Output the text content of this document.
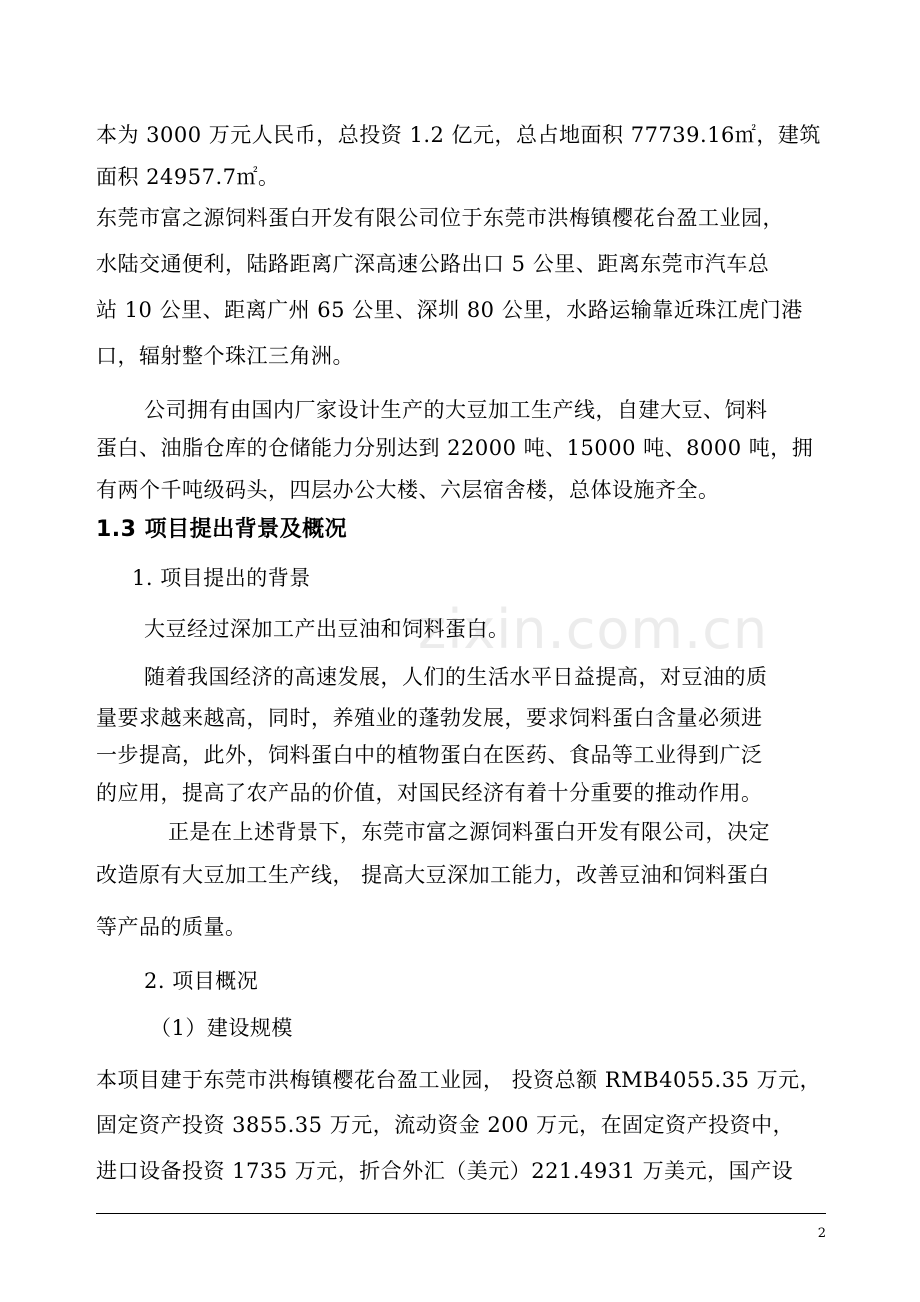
zixin.com.cn

本为 3000 万元人民币，总投资 1.2 亿元，总占地面积 77739.16㎡，建筑

面积 24957.7㎡。

东莞市富之源饲料蛋白开发有限公司位于东莞市洪梅镇樱花台盈工业园，

水陆交通便利，陆路距离广深高速公路出口 5 公里、距离东莞市汽车总

站 10 公里、距离广州 65 公里、深圳 80 公里，水路运输靠近珠江虎门港

口，辐射整个珠江三角洲。

公司拥有由国内厂家设计生产的大豆加工生产线，自建大豆、饲料

蛋白、油脂仓库的仓储能力分别达到 22000 吨、15000 吨、8000 吨，拥

有两个千吨级码头，四层办公大楼、六层宿舍楼，总体设施齐全。

1.3 项目提出背景及概况

1. 项目提出的背景

大豆经过深加工产出豆油和饲料蛋白。

随着我国经济的高速发展，人们的生活水平日益提高，对豆油的质

量要求越来越高，同时，养殖业的蓬勃发展，要求饲料蛋白含量必须进

一步提高，此外，饲料蛋白中的植物蛋白在医药、食品等工业得到广泛

的应用，提高了农产品的价值，对国民经济有着十分重要的推动作用。

正是在上述背景下，东莞市富之源饲料蛋白开发有限公司，决定

改造原有大豆加工生产线， 提高大豆深加工能力，改善豆油和饲料蛋白

等产品的质量。

2. 项目概况

（1）建设规模

本项目建于东莞市洪梅镇樱花台盈工业园， 投资总额 RMB4055.35 万元，

固定资产投资 3855.35 万元，流动资金 200 万元，在固定资产投资中，

进口设备投资 1735 万元，折合外汇（美元）221.4931 万美元，国产设

2
